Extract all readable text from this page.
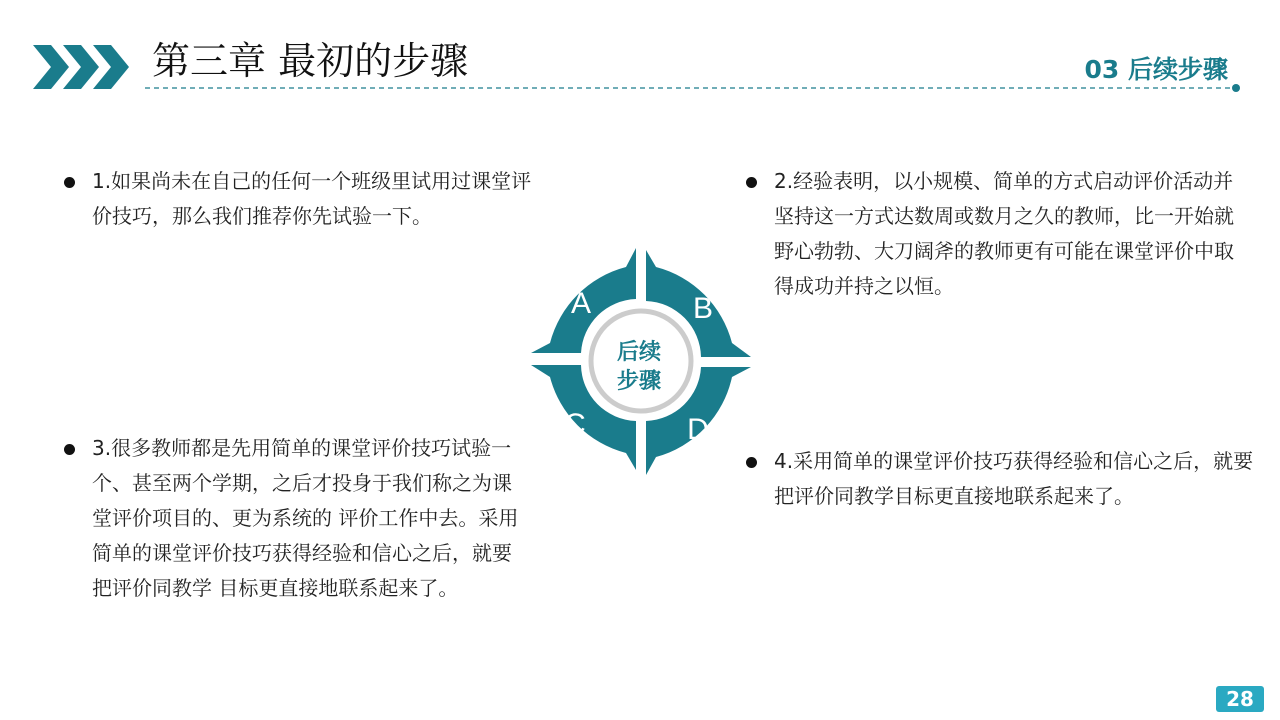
第三章 最初的步骤	03 后续步骤
1.如果尚未在自己的任何一个班级里试用过课堂评价技巧，那么我们推荐你先试验一下。
2.经验表明，以小规模、简单的方式启动评价活动并坚持这一方式达数周或数月之久的教师，比一开始就野心勃勃、大刀阔斧的教师更有可能在课堂评价中取得成功并持之以恒。
3.很多教师都是先用简单的课堂评价技巧试验一个、甚至两个学期，之后才投身于我们称之为课堂评价项目的、更为系统的 评价工作中去。采用简单的课堂评价技巧获得经验和信心之后，就要把评价同教学 目标更直接地联系起来了。
4.采用简单的课堂评价技巧获得经验和信心之后，就要把评价同教学目标更直接地联系起来了。
A	B
C	D
后续
步骤
28
